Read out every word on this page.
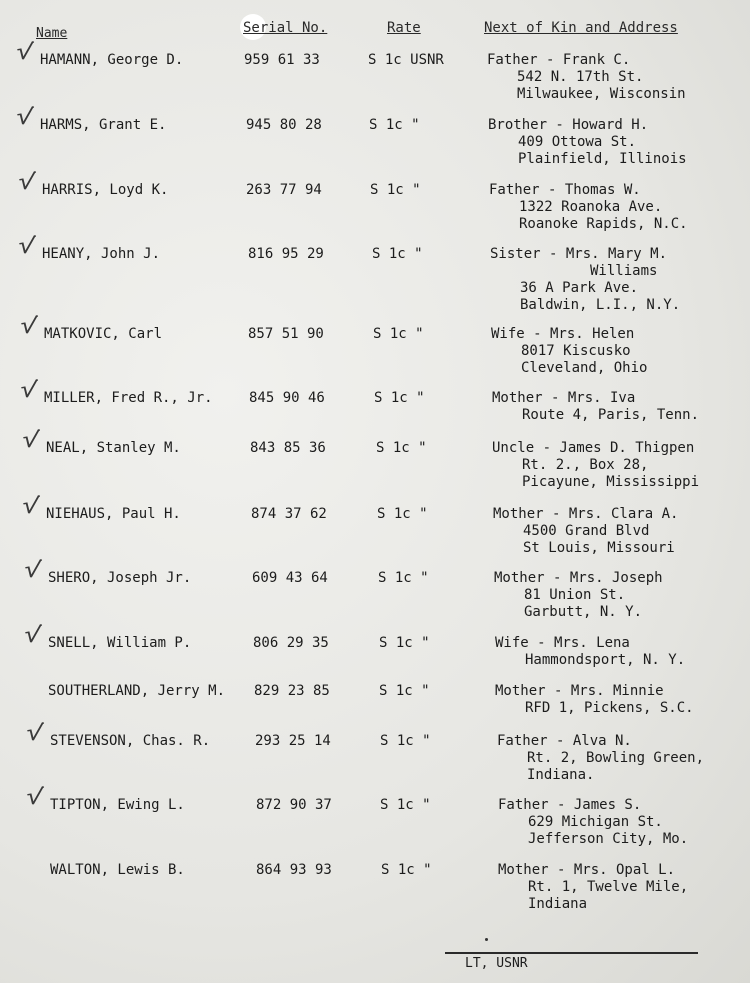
Name	Serial No.	Rate	Next of Kin and Address
√ HAMANN, George D.	959 61 33	S 1c USNR	Father - Frank C.
542 N. 17th St.
Milwaukee, Wisconsin
√ HARMS, Grant E.	945 80 28	S 1c "	Brother - Howard H.
409 Ottowa St.
Plainfield, Illinois
√ HARRIS, Loyd K.	263 77 94	S 1c "	Father - Thomas W.
1322 Roanoka Ave.
Roanoke Rapids, N.C.
√ HEANY, John J.	816 95 29	S 1c "	Sister - Mrs. Mary M.
Williams
36 A Park Ave.
Baldwin, L.I., N.Y.
√ MATKOVIC, Carl	857 51 90	S 1c "	Wife - Mrs. Helen
8017 Kiscusko
Cleveland, Ohio
√ MILLER, Fred R., Jr.	845 90 46	S 1c "	Mother - Mrs. Iva
Route 4, Paris, Tenn.
√ NEAL, Stanley M.	843 85 36	S 1c "	Uncle - James D. Thigpen
Rt. 2., Box 28,
Picayune, Mississippi
√ NIEHAUS, Paul H.	874 37 62	S 1c "	Mother - Mrs. Clara A.
4500 Grand Blvd
St Louis, Missouri
√ SHERO, Joseph Jr.	609 43 64	S 1c "	Mother - Mrs. Joseph
81 Union St.
Garbutt, N. Y.
√ SNELL, William P.	806 29 35	S 1c "	Wife - Mrs. Lena
Hammondsport, N. Y.
SOUTHERLAND, Jerry M. 829 23 85	S 1c "	Mother - Mrs. Minnie
RFD 1, Pickens, S.C.
√ STEVENSON, Chas. R.	293 25 14	S 1c "	Father - Alva N.
Rt. 2, Bowling Green,
Indiana.
√ TIPTON, Ewing L.	872 90 37	S 1c "	Father - James S.
629 Michigan St.
Jefferson City, Mo.
WALTON, Lewis B.	864 93 93	S 1c "	Mother - Mrs. Opal L.
Rt. 1, Twelve Mile,
Indiana
LT, USNR
